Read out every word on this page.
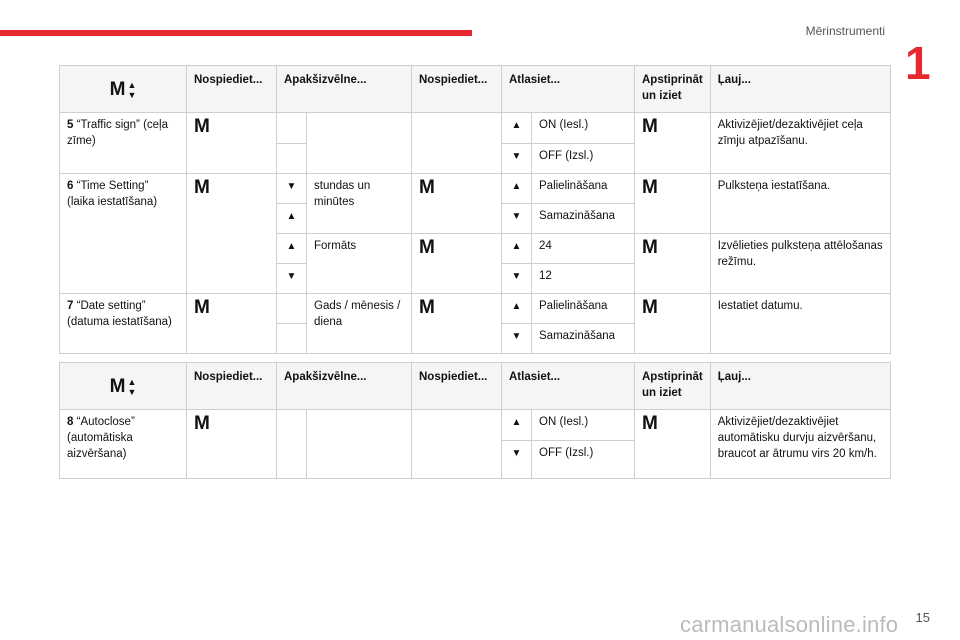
Mērinstrumenti
1
M ▲
▼	Nospiediet...	Apakšizvēlne...		Nospiediet...	Atlasiet...		Apstiprināt un iziet	Ļauj...
5 “Traffic sign” (ceļa zīme)	M				▲	ON (Iesl.)	M	Aktivizējiet/dezaktivējiet ceļa zīmju atpazīšanu.

					▼	OFF (Izsl.)		
6 “Time Setting” (laika iestatīšana)	M	▼	stundas un minūtes	M	▲	Palielināšana	M	Pulksteņa iestatīšana.

		▲			▼	Samazināšana		

		▲	Formāts	M	▲	24	M	Izvēlieties pulksteņa attēlošanas režīmu.

		▼			▼	12		
7 “Date setting” (datuma iestatīšana)	M		Gads / mēnesis / diena	M	▲	Palielināšana	M	Iestatiet datumu.

					▼	Samazināšana		
M ▲
▼	Nospiediet...	Apakšizvēlne...		Nospiediet...	Atlasiet...		Apstiprināt un iziet	Ļauj...
8 “Autoclose” (automātiska aizvēršana)	M				▲	ON (Iesl.)	M	Aktivizējiet/dezaktivējiet automātisku durvju aizvēršanu, braucot ar ātrumu virs 20 km/h.

					▼	OFF (Izsl.)		
carmanualsonline.info 15
